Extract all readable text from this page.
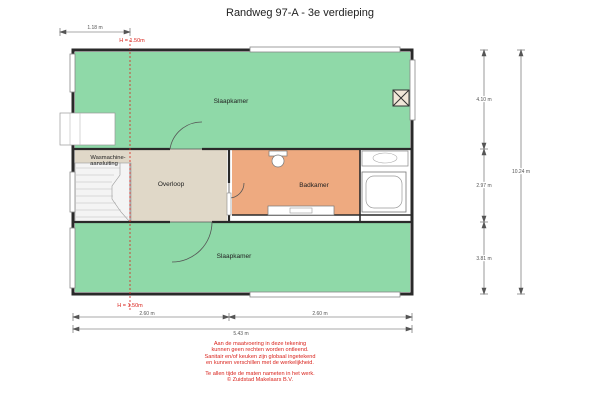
Randweg 97-A - 3e verdieping
H = 1.50m
H = 1.50m
Slaapkamer
Slaapkamer
Overloop	Badkamer
Wasmachine-
aansluiting
1.18 m
2.60 m	2.60 m
5.43 m
4.10 m
2.97 m
3.81 m
10.24 m
Aan de maatvoering in deze tekening
kunnen geen rechten worden ontleend.
Sanitair en/of keuken zijn globaal ingetekend
en kunnen verschillen met de werkelijkheid.
Te allen tijde de maten nameten in het werk.
© Zuidstad Makelaars B.V.
